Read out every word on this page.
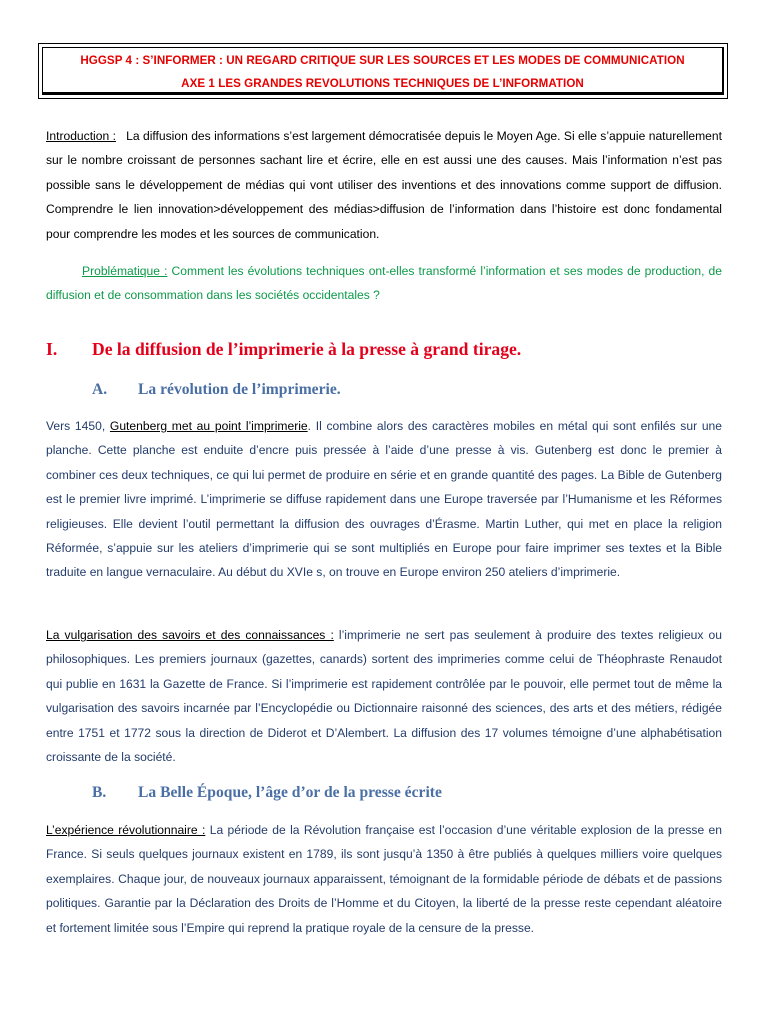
HGGSP 4 : S’INFORMER : UN REGARD CRITIQUE SUR LES SOURCES ET LES MODES DE COMMUNICATION
AXE 1 LES GRANDES REVOLUTIONS TECHNIQUES DE L’INFORMATION
Introduction : La diffusion des informations s’est largement démocratisée depuis le Moyen Age. Si elle s’appuie naturellement sur le nombre croissant de personnes sachant lire et écrire, elle en est aussi une des causes. Mais l’information n’est pas possible sans le développement de médias qui vont utiliser des inventions et des innovations comme support de diffusion. Comprendre le lien innovation>développement des médias>diffusion de l’information dans l’histoire est donc fondamental pour comprendre les modes et les sources de communication.
Problématique : Comment les évolutions techniques ont-elles transformé l’information et ses modes de production, de diffusion et de consommation dans les sociétés occidentales ?
I. De la diffusion de l’imprimerie à la presse à grand tirage.
A. La révolution de l’imprimerie.
Vers 1450, Gutenberg met au point l’imprimerie. Il combine alors des caractères mobiles en métal qui sont enfilés sur une planche. Cette planche est enduite d’encre puis pressée à l’aide d’une presse à vis. Gutenberg est donc le premier à combiner ces deux techniques, ce qui lui permet de produire en série et en grande quantité des pages. La Bible de Gutenberg est le premier livre imprimé. L’imprimerie se diffuse rapidement dans une Europe traversée par l’Humanisme et les Réformes religieuses. Elle devient l’outil permettant la diffusion des ouvrages d’Érasme. Martin Luther, qui met en place la religion Réformée, s’appuie sur les ateliers d’imprimerie qui se sont multipliés en Europe pour faire imprimer ses textes et la Bible traduite en langue vernaculaire. Au début du XVIe s, on trouve en Europe environ 250 ateliers d’imprimerie.
La vulgarisation des savoirs et des connaissances : l’imprimerie ne sert pas seulement à produire des textes religieux ou philosophiques. Les premiers journaux (gazettes, canards) sortent des imprimeries comme celui de Théophraste Renaudot qui publie en 1631 la Gazette de France. Si l’imprimerie est rapidement contrôlée par le pouvoir, elle permet tout de même la vulgarisation des savoirs incarnée par l’Encyclopédie ou Dictionnaire raisonné des sciences, des arts et des métiers, rédigée entre 1751 et 1772 sous la direction de Diderot et D’Alembert. La diffusion des 17 volumes témoigne d’une alphabétisation croissante de la société.
B. La Belle Époque, l’âge d’or de la presse écrite
L’expérience révolutionnaire : La période de la Révolution française est l’occasion d’une véritable explosion de la presse en France. Si seuls quelques journaux existent en 1789, ils sont jusqu’à 1350 à être publiés à quelques milliers voire quelques exemplaires. Chaque jour, de nouveaux journaux apparaissent, témoignant de la formidable période de débats et de passions politiques. Garantie par la Déclaration des Droits de l’Homme et du Citoyen, la liberté de la presse reste cependant aléatoire et fortement limitée sous l’Empire qui reprend la pratique royale de la censure de la presse.
